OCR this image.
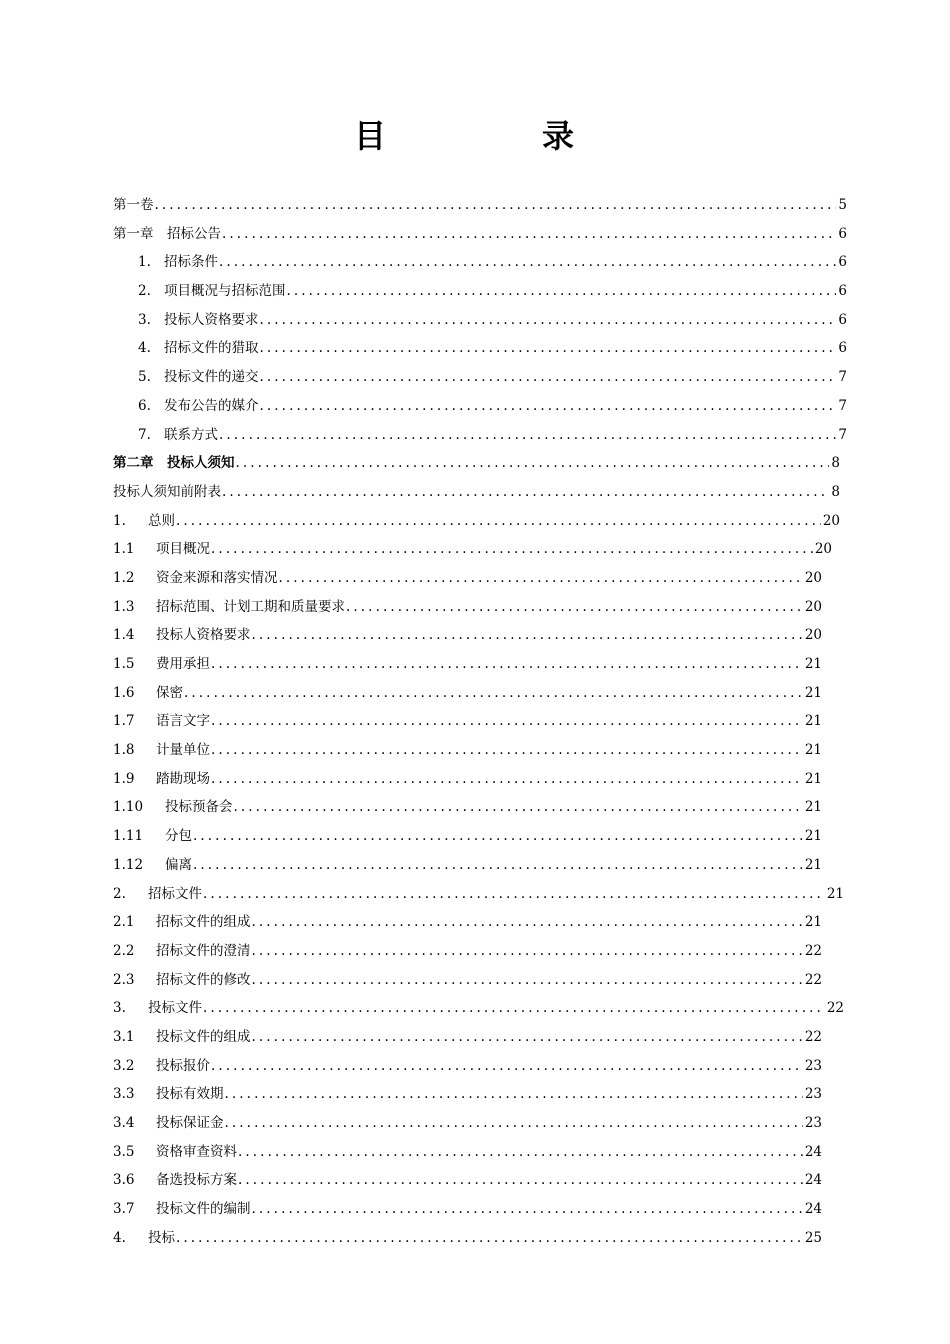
目　录
第一卷 .....	5
第一章　招标公告 .....	6
1. 招标条件 .....	6
2. 项目概况与招标范围 .....	6
3. 投标人资格要求 .....	6
4. 招标文件的猎取 .....	6
5. 投标文件的递交 .....	7
6. 发布公告的媒介 .....	7
7. 联系方式 .....	7
第二章　投标人须知 .....	8
投标人须知前附表 .....	8
1.	总则 .....	20
1.1	项目概况 .....	20
1.2	资金来源和落实情况 .....	20
1.3	招标范围、计划工期和质量要求 .....	20
1.4	投标人资格要求 .....	20
1.5	费用承担 .....	21
1.6	保密 .....	21
1.7	语言文字 .....	21
1.8	计量单位 .....	21
1.9	踏勘现场 .....	21
1.10	投标预备会 .....	21
1.11	分包 .....	21
1.12	偏离 .....	21
2.	招标文件 .....	21
2.1	招标文件的组成 .....	21
2.2	招标文件的澄清 .....	22
2.3	招标文件的修改 .....	22
3.	投标文件 .....	22
3.1	投标文件的组成 .....	22
3.2	投标报价 .....	23
3.3	投标有效期 .....	23
3.4	投标保证金 .....	23
3.5	资格审查资料 .....	24
3.6	备选投标方案 .....	24
3.7	投标文件的编制 .....	24
4.	投标 .....	25
